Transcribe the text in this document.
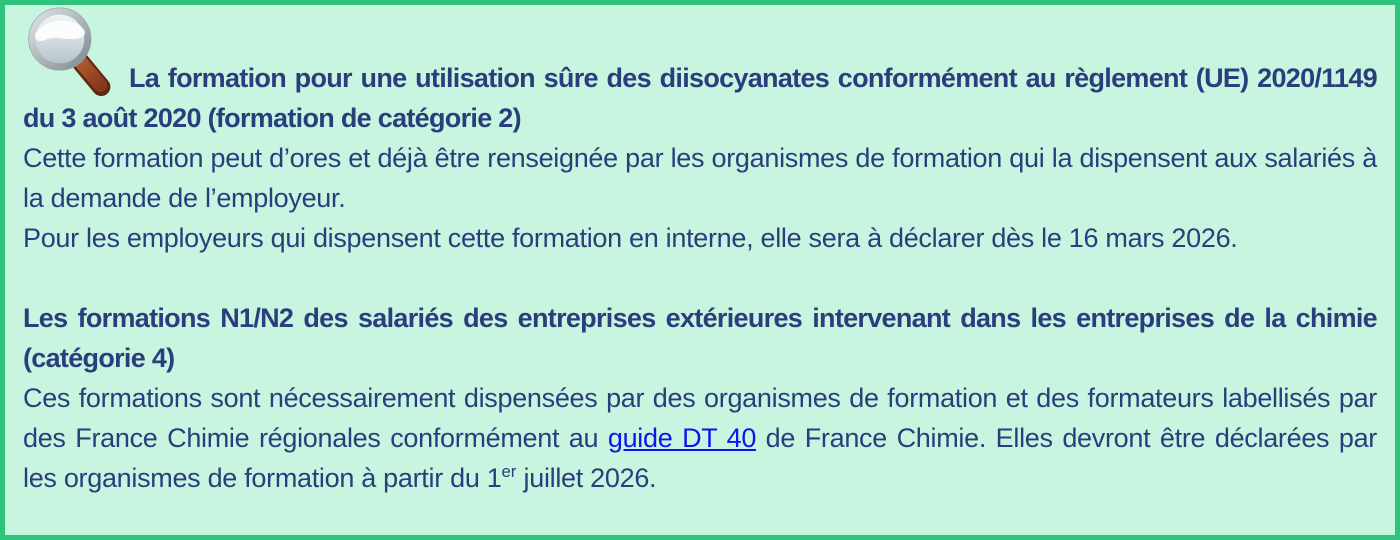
La formation pour une utilisation sûre des diisocyanates conformément au règlement (UE) 2020/1149 du 3 août 2020 (formation de catégorie 2)

Cette formation peut d’ores et déjà être renseignée par les organismes de formation qui la dispensent aux salariés à la demande de l’employeur.

Pour les employeurs qui dispensent cette formation en interne, elle sera à déclarer dès le 16 mars 2026.

Les formations N1/N2 des salariés des entreprises extérieures intervenant dans les entreprises de la chimie (catégorie 4)

Ces formations sont nécessairement dispensées par des organismes de formation et des formateurs labellisés par des France Chimie régionales conformément au guide DT 40 de France Chimie. Elles devront être déclarées par les organismes de formation à partir du 1er juillet 2026.
